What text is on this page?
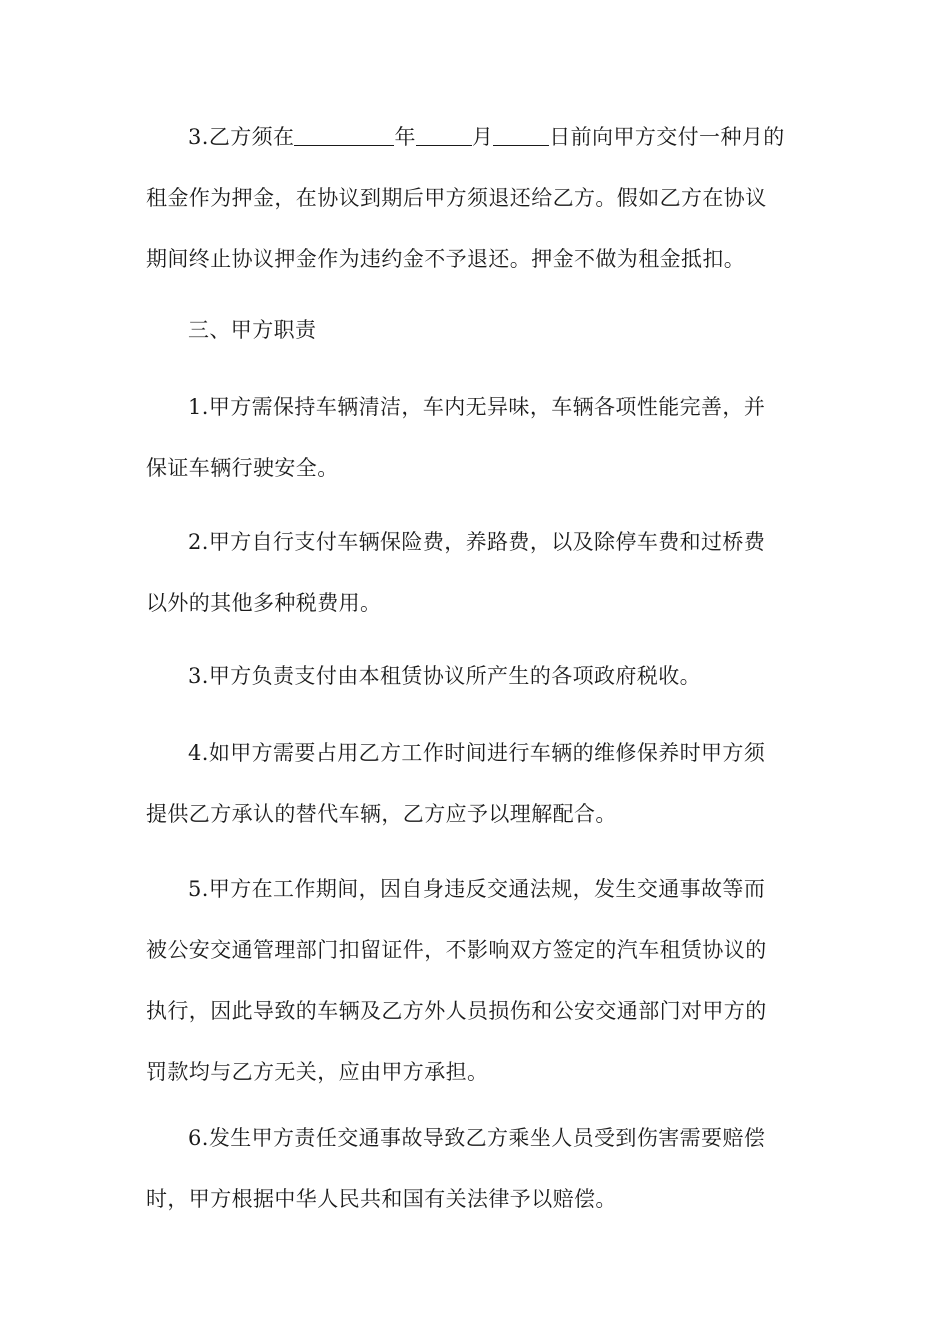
3.乙方须在	年	月	日前向甲方交付一种月的
租金作为押金，在协议到期后甲方须退还给乙方。假如乙方在协议
期间终止协议押金作为违约金不予退还。押金不做为租金抵扣。
三、甲方职责
1.甲方需保持车辆清洁，车内无异味，车辆各项性能完善，并
保证车辆行驶安全。
2.甲方自行支付车辆保险费，养路费，以及除停车费和过桥费
以外的其他多种税费用。
3.甲方负责支付由本租赁协议所产生的各项政府税收。
4.如甲方需要占用乙方工作时间进行车辆的维修保养时甲方须
提供乙方承认的替代车辆，乙方应予以理解配合。
5.甲方在工作期间，因自身违反交通法规，发生交通事故等而
被公安交通管理部门扣留证件，不影响双方签定的汽车租赁协议的
执行，因此导致的车辆及乙方外人员损伤和公安交通部门对甲方的
罚款均与乙方无关，应由甲方承担。
6.发生甲方责任交通事故导致乙方乘坐人员受到伤害需要赔偿
时，甲方根据中华人民共和国有关法律予以赔偿。
